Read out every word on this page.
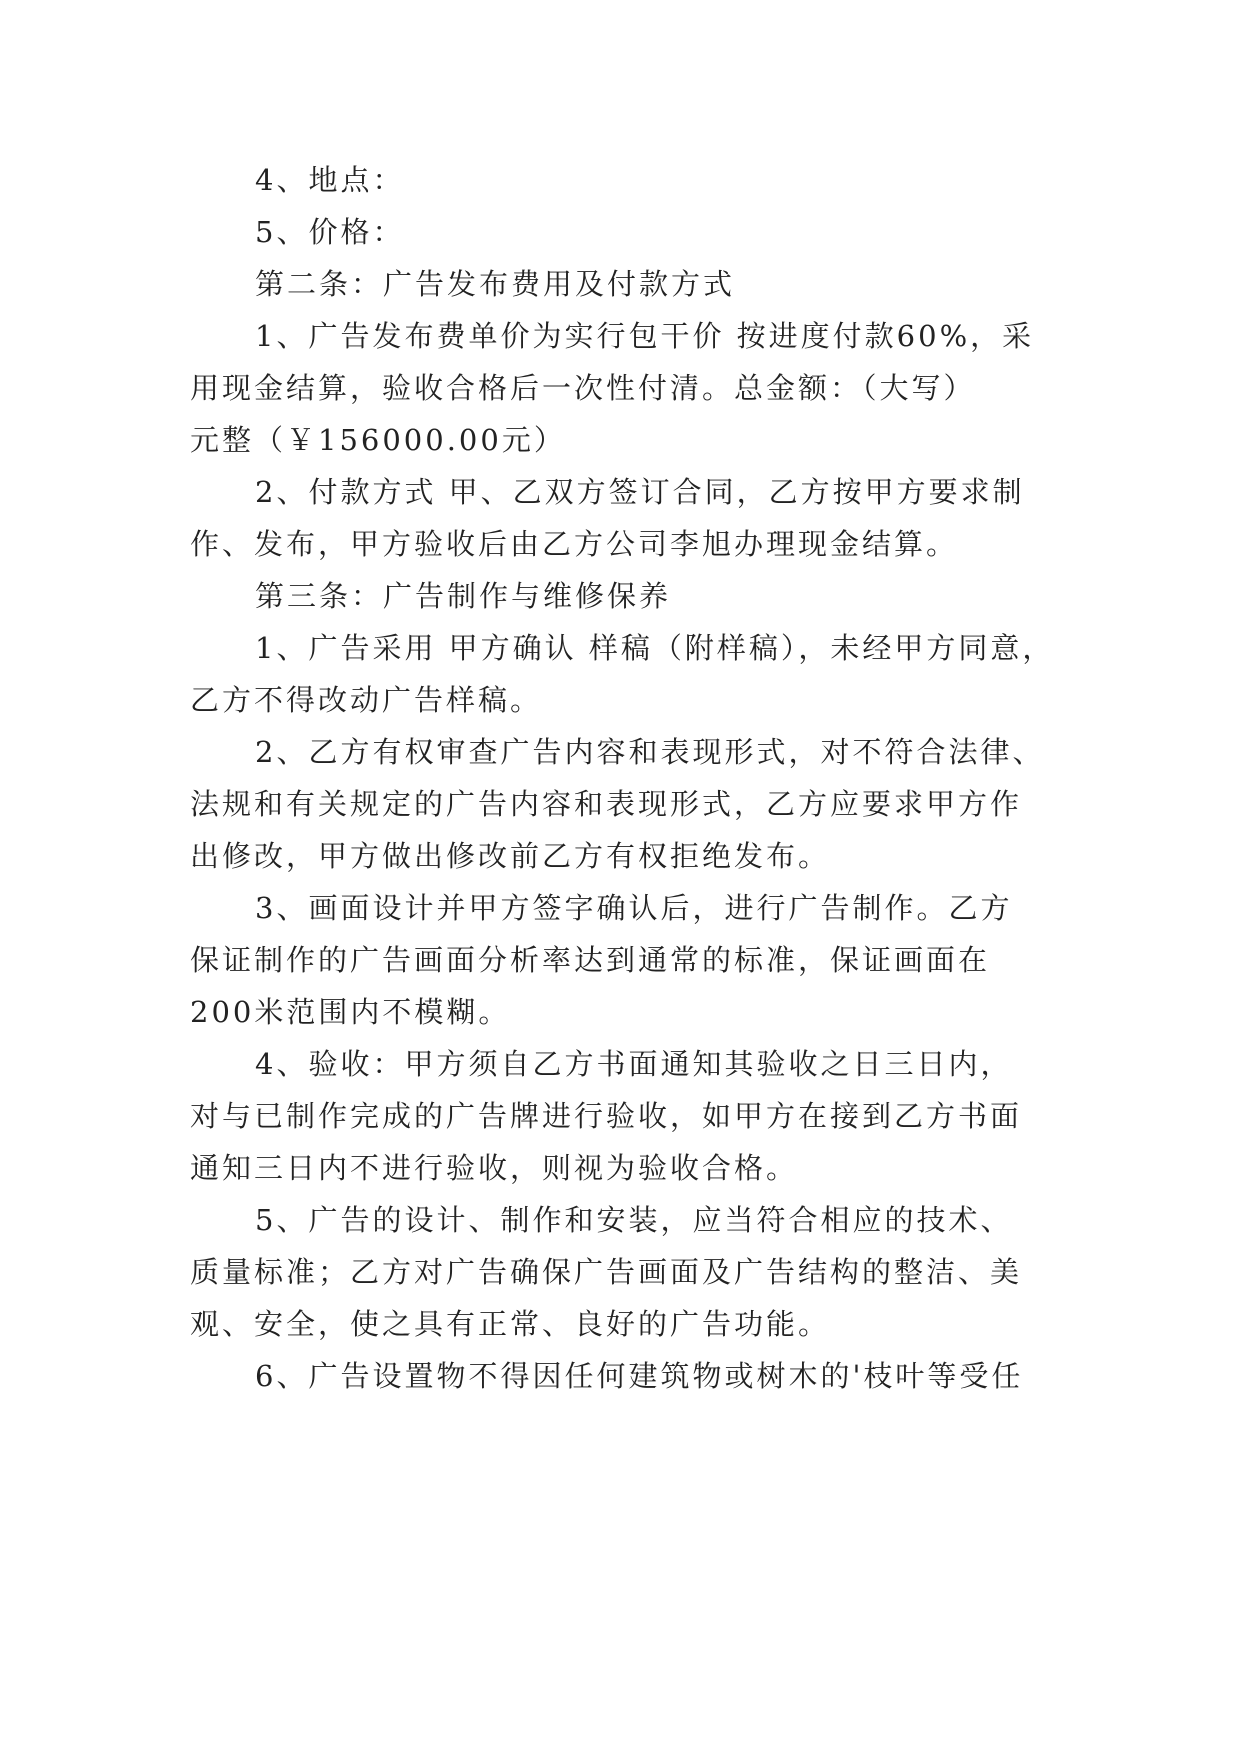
4、地点：
5、价格：
第二条：广告发布费用及付款方式
1、广告发布费单价为实行包干价 按进度付款60%，采
用现金结算，验收合格后一次性付清。总金额：（大写）
元整（￥156000.00元）
2、付款方式 甲、乙双方签订合同，乙方按甲方要求制
作、发布，甲方验收后由乙方公司李旭办理现金结算。
第三条：广告制作与维修保养
1、广告采用 甲方确认 样稿（附样稿），未经甲方同意，
乙方不得改动广告样稿。
2、乙方有权审查广告内容和表现形式，对不符合法律、
法规和有关规定的广告内容和表现形式，乙方应要求甲方作
出修改，甲方做出修改前乙方有权拒绝发布。
3、画面设计并甲方签字确认后，进行广告制作。乙方
保证制作的广告画面分析率达到通常的标准，保证画面在
200米范围内不模糊。
4、验收：甲方须自乙方书面通知其验收之日三日内，
对与已制作完成的广告牌进行验收，如甲方在接到乙方书面
通知三日内不进行验收，则视为验收合格。
5、广告的设计、制作和安装，应当符合相应的技术、
质量标准；乙方对广告确保广告画面及广告结构的整洁、美
观、安全，使之具有正常、良好的广告功能。
6、广告设置物不得因任何建筑物或树木的'枝叶等受任
